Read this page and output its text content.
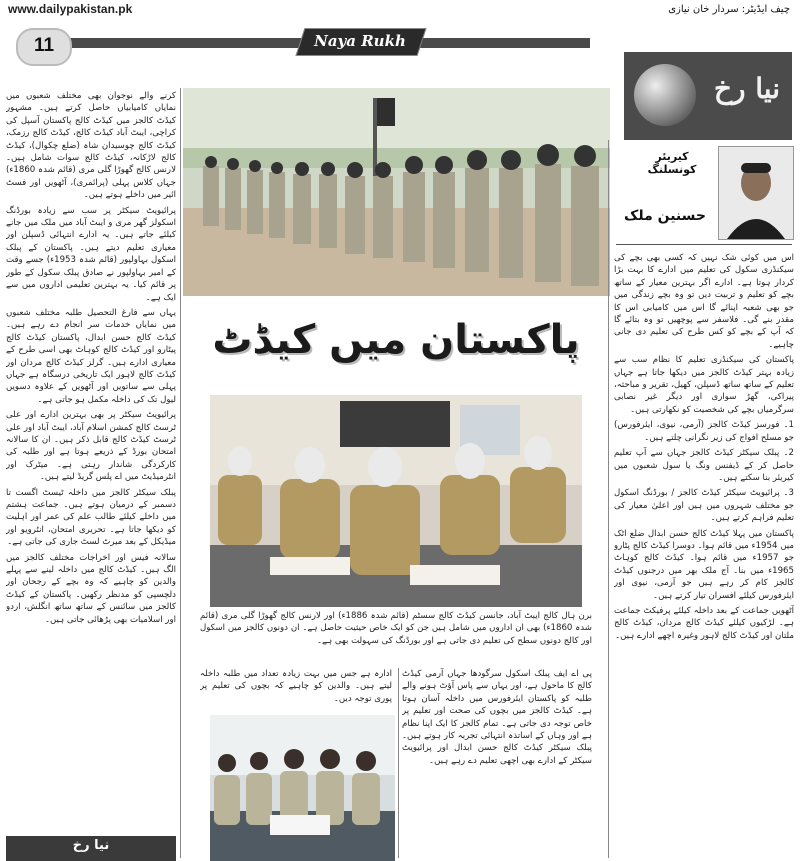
www.dailypakistan.pk	چیف ایڈیٹر: سردار خان نیازی
11	Naya Rukh
نیا رخ
کیریئر کونسلنگ
حسنین ملک
پاکستان میں کیڈٹ

کرنے والے نوجوان بھی مختلف شعبوں میں نمایاں کامیابیاں حاصل کرتے ہیں۔ مشہور کیڈٹ کالجز میں کیڈٹ کالج پاکستان آسپل کی کراچی، ایبٹ آباد کیڈٹ کالج، کیڈٹ کالج رزمک، کیڈٹ کالج چوسیدان شاہ (ضلع چکوال)، کیڈٹ کالج لاڑکانہ، کیڈٹ کالج سوات شامل ہیں۔ لارنس کالج گھوڑا گلی مری (قائم شدہ 1860ء) جہاں کلاس پہلی (پرائمری)، آٹھویں اور فسٹ ائیر میں داخلے ہوتے ہیں۔

پرائیویٹ سیکٹر پر سب سے زیادہ بورڈنگ اسکولز گھر مری و ایبٹ آباد میں ملک میں جانے کیلئے جاتے ہیں۔ یہ ادارے انتہائی ڈسپلن اور معیاری تعلیم دیتے ہیں۔ پاکستان کے پبلک اسکول بہاولپور (قائم شدہ 1953ء) جسے وقت کے امیر بہاولپور نے صادق پبلک سکول کے طور پر قائم کیا۔ یہ بہترین تعلیمی اداروں میں سے ایک ہے۔

یہاں سے فارغ التحصیل طلبہ مختلف شعبوں میں نمایاں خدمات سر انجام دے رہے ہیں۔ کیڈٹ کالج حسن ابدال، پاکستان کیڈٹ کالج پیٹارو اور کیڈٹ کالج کوہاٹ بھی اسی طرح کے معیاری ادارے ہیں۔ گرلز کیڈٹ کالج مردان اور کیڈٹ کالج لاہور ایک تاریخی درسگاہ ہے جہاں پہلی سے ساتویں اور آٹھویں کے علاوہ دسویں لیول تک کی داخلہ مکمل ہو جاتی ہے۔

پرائیویٹ سیکٹر پر بھی بہترین ادارے اور علی ٹرسٹ کالج کمشن اسلام آباد، ایبٹ آباد اور علی ٹرسٹ کیڈٹ کالج قابل ذکر ہیں۔ ان کا سالانہ امتحان بورڈ کے ذریعے ہوتا ہے اور طلبہ کی کارکردگی شاندار رہتی ہے۔ میٹرک اور انٹرمیڈیٹ میں اے پلس گریڈ لیتے ہیں۔

پبلک سیکٹر کالجز میں داخلہ ٹیسٹ اگست تا دسمبر کے درمیان ہوتے ہیں۔ جماعت ہشتم میں داخلے کیلئے طالب علم کی عمر اور اہلیت کو دیکھا جاتا ہے۔ تحریری امتحان، انٹرویو اور میڈیکل کے بعد میرٹ لسٹ جاری کی جاتی ہے۔

سالانہ فیس اور اخراجات مختلف کالجز میں الگ ہیں۔ کیڈٹ کالج میں داخلہ لینے سے پہلے والدین کو چاہیے کہ وہ بچے کے رجحان اور دلچسپی کو مدنظر رکھیں۔ پاکستان کے کیڈٹ کالجز میں سائنس کے ساتھ ساتھ انگلش، اردو اور اسلامیات بھی پڑھائی جاتی ہیں۔

اس میں کوئی شک نہیں کہ کسی بھی بچے کی سیکنڈری سکول کی تعلیم میں ادارے کا بہت بڑا کردار ہوتا ہے۔ ادارے اگر بہترین معیار کے ساتھ بچے کو تعلیم و تربیت دیں تو وہ بچے زندگی میں جو بھی شعبہ اپنائے گا اس میں کامیابی اس کا مقدر بنے گی۔ فلاسفر سے پوچھیں تو وہ بتائے گا کہ آپ کے بچے کو کس طرح کی تعلیم دی جانی چاہیے۔

پاکستان کی سیکنڈری تعلیم کا نظام سب سے زیادہ بہتر کیڈٹ کالجز میں دیکھا جاتا ہے جہاں تعلیم کے ساتھ ساتھ ڈسپلن، کھیل، تقریر و مباحثہ، پیراکی، گھڑ سواری اور دیگر غیر نصابی سرگرمیاں بچے کی شخصیت کو نکھارتی ہیں۔

1۔ فورسز کیڈٹ کالجز (آرمی، نیوی، ایئرفورس) جو مسلح افواج کی زیر نگرانی چلتے ہیں۔

2۔ پبلک سیکٹر کیڈٹ کالجز جہاں سے آپ تعلیم حاصل کر کے ڈیفنس ونگ یا سول شعبوں میں کیریئر بنا سکتے ہیں۔

3۔ پرائیویٹ سیکٹر کیڈٹ کالجز / بورڈنگ اسکول جو مختلف شہروں میں ہیں اور اعلیٰ معیار کی تعلیم فراہم کرتے ہیں۔

پاکستان میں پہلا کیڈٹ کالج حسن ابدال ضلع اٹک میں 1954ء میں قائم ہوا۔ دوسرا کیڈٹ کالج پٹارو جو 1957ء میں قائم ہوا۔ کیڈٹ کالج کوہاٹ 1965ء میں بنا۔ آج ملک بھر میں درجنوں کیڈٹ کالجز کام کر رہے ہیں جو آرمی، نیوی اور ایئرفورس کیلئے افسران تیار کرتے ہیں۔

آٹھویں جماعت کے بعد داخلہ کیلئے پرفیکٹ جماعت ہے۔ لڑکیوں کیلئے کیڈٹ کالج مردان، کیڈٹ کالج ملتان اور کیڈٹ کالج لاہور وغیرہ اچھے ادارے ہیں۔

برن ہال کالج ایبٹ آباد، جانسن کیڈٹ کالج سسٹم (قائم شدہ 1886ء) اور لارنس کالج گھوڑا گلی مری (قائم شدہ 1860ء) بھی ان اداروں میں شامل ہیں جن کو ایک خاص حیثیت حاصل ہے۔ ان دونوں کالجز میں اسکول اور کالج دونوں سطح کی تعلیم دی جاتی ہے اور بورڈنگ کی سہولت بھی ہے۔

پی اے ایف پبلک اسکول سرگودھا جہاں آرمی کیڈٹ کالج کا ماحول ہے، اور یہاں سے پاس آؤٹ ہونے والے طلبہ کو پاکستان ایئرفورس میں داخلہ آسان ہوتا ہے۔ کیڈٹ کالجز میں بچوں کی صحت اور تعلیم پر خاص توجہ دی جاتی ہے۔ تمام کالجز کا ایک اپنا نظام ہے اور وہاں کے اساتذہ انتہائی تجربہ کار ہوتے ہیں۔ پبلک سیکٹر کیڈٹ کالج حسن ابدال اور پرائیویٹ سیکٹر کے ادارے بھی اچھی تعلیم دے رہے ہیں۔

ادارہ ہے جس میں بہت زیادہ تعداد میں طلبہ داخلہ لیتے ہیں۔ والدین کو چاہیے کہ بچوں کی تعلیم پر پوری توجہ دیں۔

نیا رخ
